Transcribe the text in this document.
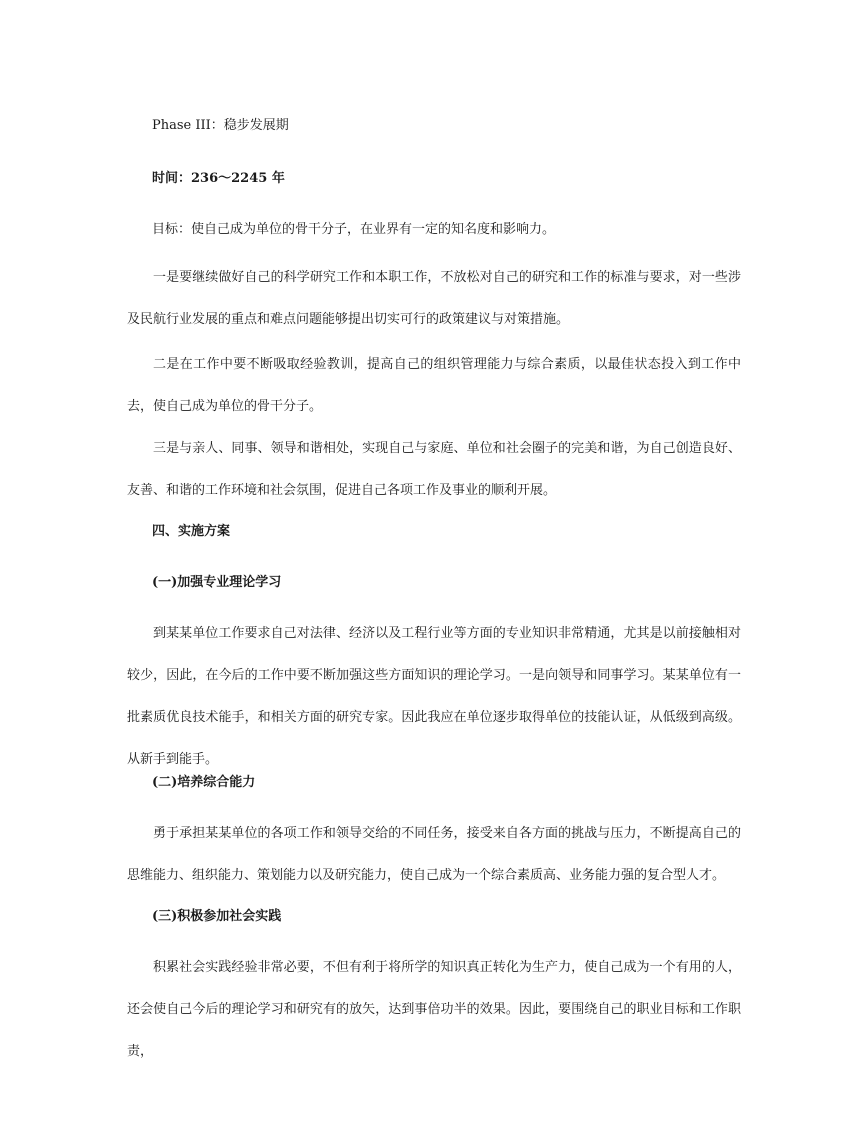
Phase III：稳步发展期
时间：236～2245 年
目标：使自己成为单位的骨干分子，在业界有一定的知名度和影响力。
一是要继续做好自己的科学研究工作和本职工作，不放松对自己的研究和工作的标准与要求，对一些涉及民航行业发展的重点和难点问题能够提出切实可行的政策建议与对策措施。
二是在工作中要不断吸取经验教训，提高自己的组织管理能力与综合素质，以最佳状态投入到工作中去，使自己成为单位的骨干分子。
三是与亲人、同事、领导和谐相处，实现自己与家庭、单位和社会圈子的完美和谐，为自己创造良好、友善、和谐的工作环境和社会氛围，促进自己各项工作及事业的顺利开展。
四、实施方案
(一)加强专业理论学习
到某某单位工作要求自己对法律、经济以及工程行业等方面的专业知识非常精通，尤其是以前接触相对较少，因此，在今后的工作中要不断加强这些方面知识的理论学习。一是向领导和同事学习。某某单位有一批素质优良技术能手，和相关方面的研究专家。因此我应在单位逐步取得单位的技能认证，从低级到高级。从新手到能手。
(二)培养综合能力
勇于承担某某单位的各项工作和领导交给的不同任务，接受来自各方面的挑战与压力，不断提高自己的思维能力、组织能力、策划能力以及研究能力，使自己成为一个综合素质高、业务能力强的复合型人才。
(三)积极参加社会实践
积累社会实践经验非常必要，不但有利于将所学的知识真正转化为生产力，使自己成为一个有用的人，还会使自己今后的理论学习和研究有的放矢，达到事倍功半的效果。因此，要围绕自己的职业目标和工作职责，
